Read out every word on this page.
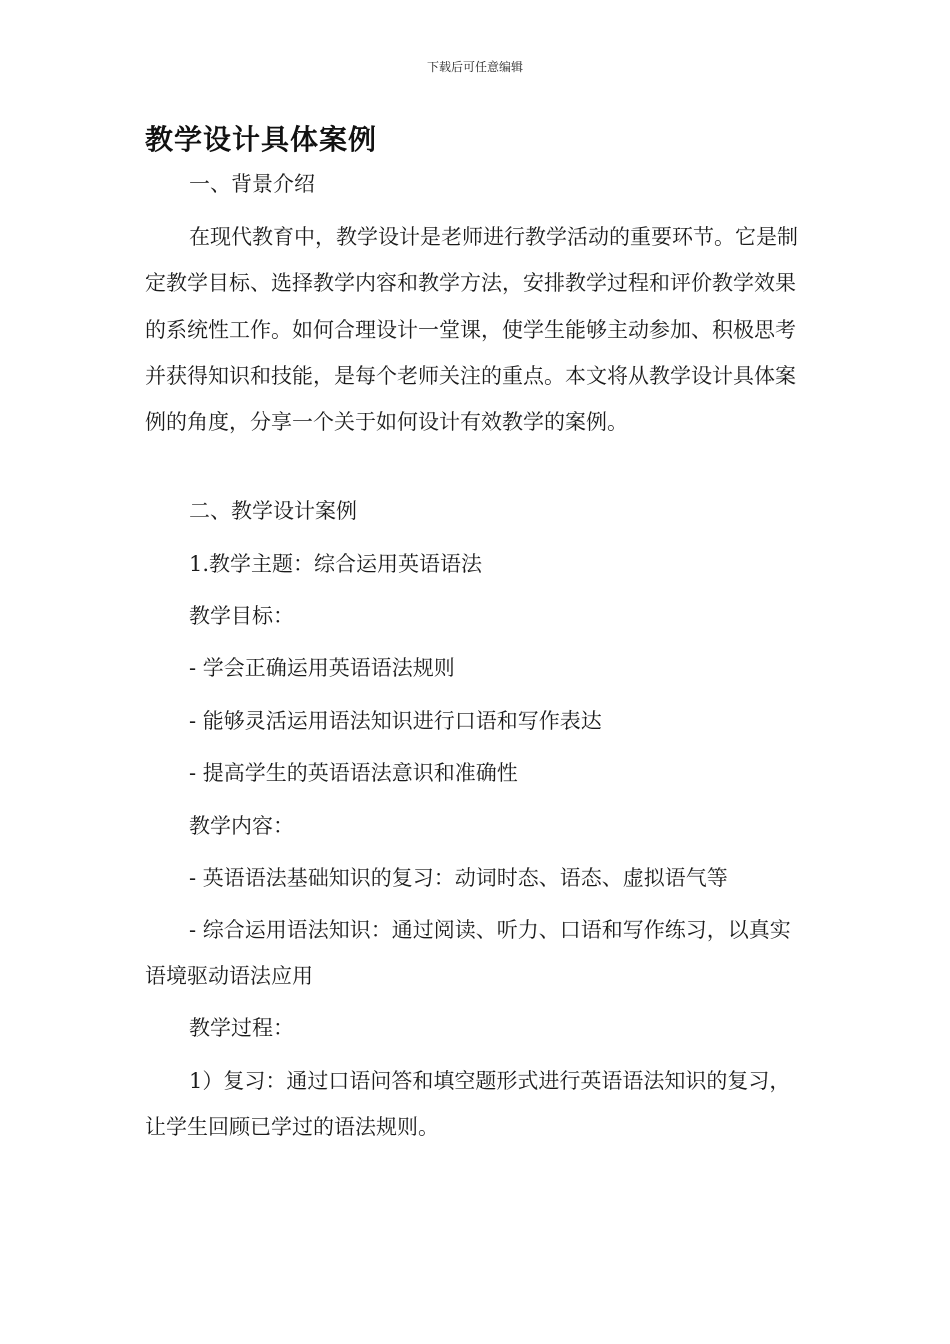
下载后可任意编辑
教学设计具体案例
一、背景介绍
在现代教育中，教学设计是老师进行教学活动的重要环节。它是制定教学目标、选择教学内容和教学方法，安排教学过程和评价教学效果的系统性工作。如何合理设计一堂课，使学生能够主动参加、积极思考并获得知识和技能，是每个老师关注的重点。本文将从教学设计具体案例的角度，分享一个关于如何设计有效教学的案例。
二、教学设计案例
1.教学主题：综合运用英语语法
教学目标：
- 学会正确运用英语语法规则
- 能够灵活运用语法知识进行口语和写作表达
- 提高学生的英语语法意识和准确性
教学内容：
- 英语语法基础知识的复习：动词时态、语态、虚拟语气等
- 综合运用语法知识：通过阅读、听力、口语和写作练习，以真实语境驱动语法应用
教学过程：
1）复习：通过口语问答和填空题形式进行英语语法知识的复习，让学生回顾已学过的语法规则。
